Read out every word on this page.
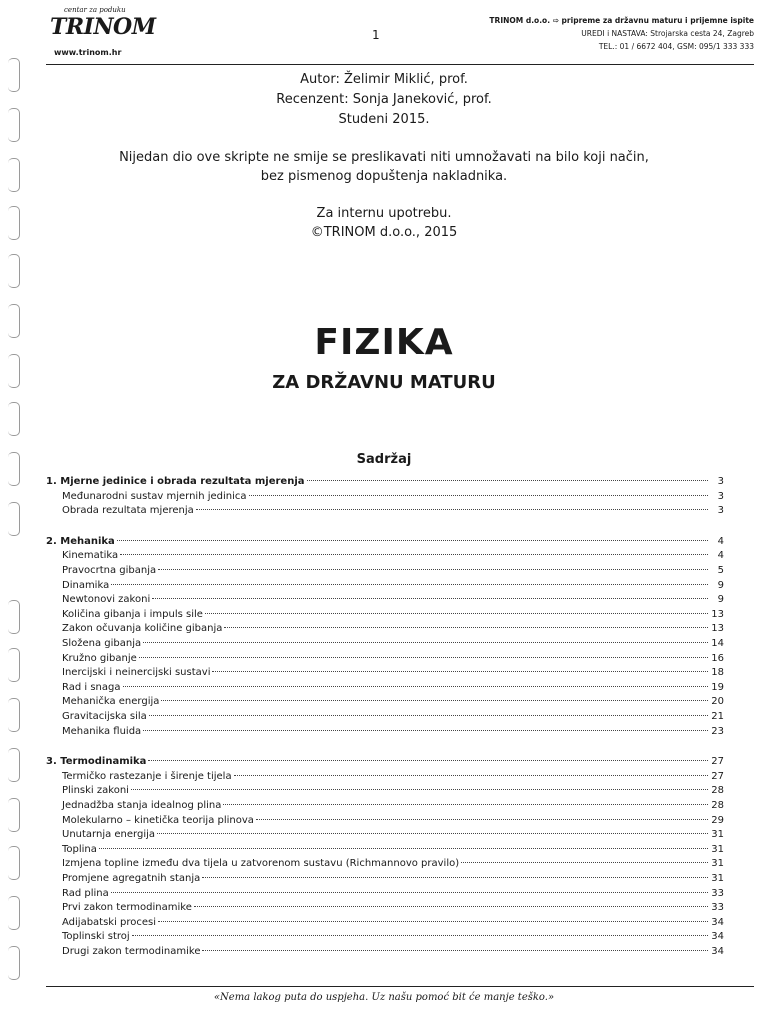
centar za poduku
TRINOM
www.trinom.hr
1
TRINOM d.o.o. ⇨ pripreme za državnu maturu i prijemne ispite
UREDI i NASTAVA: Strojarska cesta 24, Zagreb
TEL.: 01 / 6672 404, GSM: 095/1 333 333
Autor: Želimir Miklić, prof.
Recenzent: Sonja Janeković, prof.
Studeni 2015.
Nijedan dio ove skripte ne smije se preslikavati niti umnožavati na bilo koji način,
bez pismenog dopuštenja nakladnika.
Za internu upotrebu.
©TRINOM d.o.o., 2015
FIZIKA
ZA DRŽAVNU MATURU
Sadržaj
1. Mjerne jedinice i obrada rezultata mjerenja	3
Međunarodni sustav mjernih jedinica	3
Obrada rezultata mjerenja	3
2. Mehanika	4
Kinematika	4
Pravocrtna gibanja	5
Dinamika	9
Newtonovi zakoni	9
Količina gibanja i impuls sile	13
Zakon očuvanja količine gibanja	13
Složena gibanja	14
Kružno gibanje	16
Inercijski i neinercijski sustavi	18
Rad i snaga	19
Mehanička energija	20
Gravitacijska sila	21
Mehanika fluida	23
3. Termodinamika	27
Termičko rastezanje i širenje tijela	27
Plinski zakoni	28
Jednadžba stanja idealnog plina	28
Molekularno – kinetička teorija plinova	29
Unutarnja energija	31
Toplina	31
Izmjena topline između dva tijela u zatvorenom sustavu (Richmannovo pravilo)	31
Promjene agregatnih stanja	31
Rad plina	33
Prvi zakon termodinamike	33
Adijabatski procesi	34
Toplinski stroj	34
Drugi zakon termodinamike	34
«Nema lakog puta do uspjeha. Uz našu pomoć bit će manje teško.»
